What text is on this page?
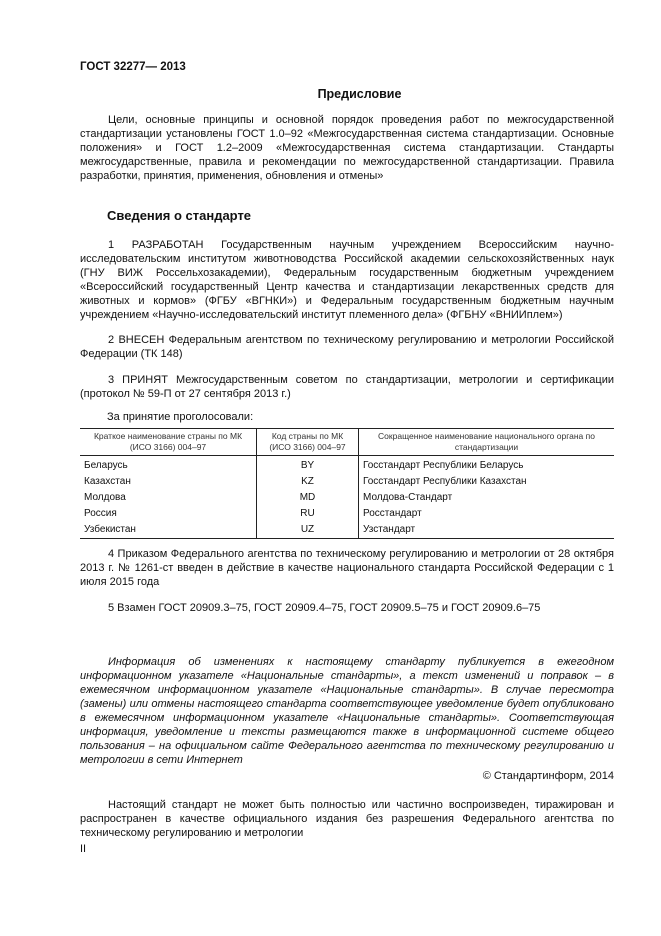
ГОСТ 32277— 2013
Предисловие

Цели, основные принципы и основной порядок проведения работ по межгосударственной стандартизации установлены ГОСТ 1.0–92 «Межгосударственная система стандартизации. Основные положения» и ГОСТ 1.2–2009 «Межгосударственная система стандартизации. Стандарты межгосударственные, правила и рекомендации по межгосударственной стандартизации. Правила разработки, принятия, применения, обновления и отмены»

Сведения о стандарте

1 РАЗРАБОТАН Государственным научным учреждением Всероссийским научно-исследовательским институтом животноводства Российской академии сельскохозяйственных наук (ГНУ ВИЖ Россельхозакадемии), Федеральным государственным бюджетным учреждением «Всероссийский государственный Центр качества и стандартизации лекарственных средств для животных и кормов» (ФГБУ «ВГНКИ») и Федеральным государственным бюджетным научным учреждением «Научно-исследовательский институт племенного дела» (ФГБНУ «ВНИИплем»)

2 ВНЕСЕН Федеральным агентством по техническому регулированию и метрологии Российской Федерации (ТК 148)

3 ПРИНЯТ Межгосударственным советом по стандартизации, метрологии и сертификации (протокол № 59-П от 27 сентября 2013 г.)

За принятие проголосовали:
Краткое наименование страны по МК (ИСО 3166) 004–97	Код страны по МК (ИСО 3166) 004–97	Сокращенное наименование национального органа по стандартизации
Беларусь	BY	Госстандарт Республики Беларусь
Казахстан	KZ	Госстандарт Республики Казахстан
Молдова	MD	Молдова-Стандарт
Россия	RU	Росстандарт
Узбекистан	UZ	Узстандарт

4 Приказом Федерального агентства по техническому регулированию и метрологии от 28 октября 2013 г. № 1261-ст введен в действие в качестве национального стандарта Российской Федерации с 1 июля 2015 года

5 Взамен ГОСТ 20909.3–75, ГОСТ 20909.4–75, ГОСТ 20909.5–75 и ГОСТ 20909.6–75

Информация об изменениях к настоящему стандарту публикуется в ежегодном информационном указателе «Национальные стандарты», а текст изменений и поправок – в ежемесячном информационном указателе «Национальные стандарты». В случае пересмотра (замены) или отмены настоящего стандарта соответствующее уведомление будет опубликовано в ежемесячном информационном указателе «Национальные стандарты». Соответствующая информация, уведомление и тексты размещаются также в информационной системе общего пользования – на официальном сайте Федерального агентства по техническому регулированию и метрологии в сети Интернет

© Стандартинформ, 2014

Настоящий стандарт не может быть полностью или частично воспроизведен, тиражирован и распространен в качестве официального издания без разрешения Федерального агентства по техническому регулированию и метрологии

II
